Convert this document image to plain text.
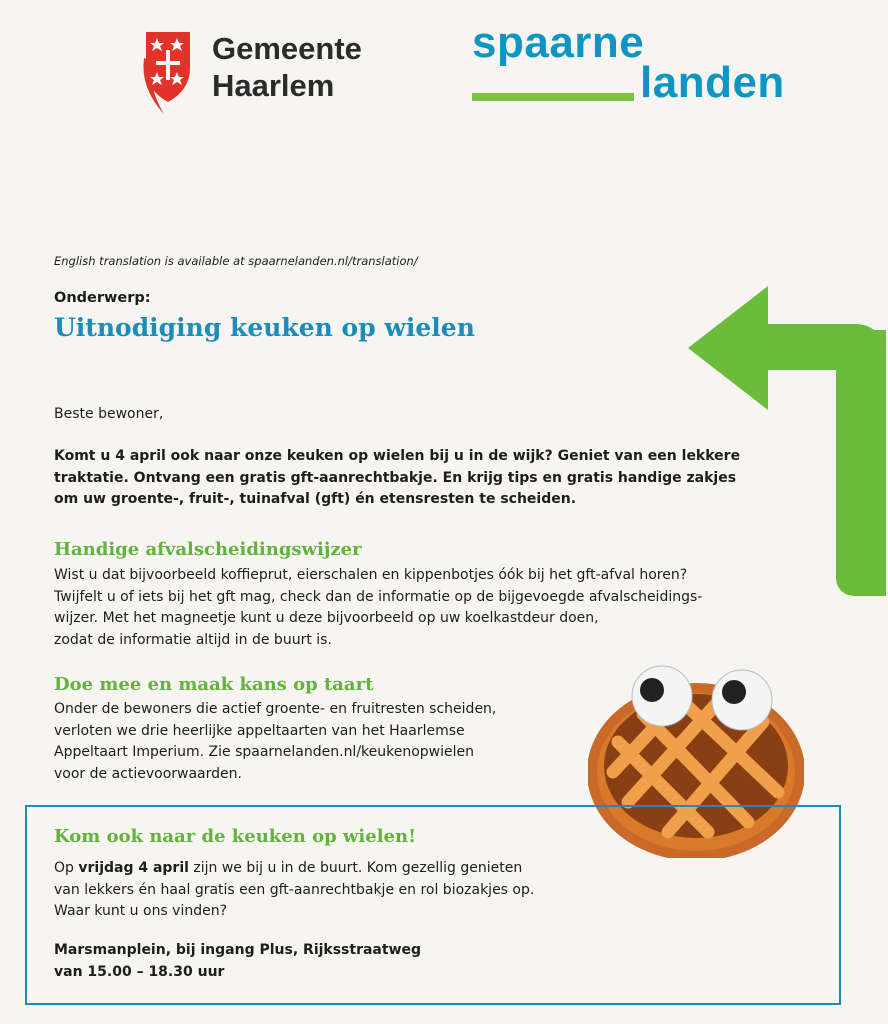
Gemeente
Haarlem
spaarne
landen
English translation is available at spaarnelanden.nl/translation/
Onderwerp:
Uitnodiging keuken op wielen
Beste bewoner,
Komt u 4 april ook naar onze keuken op wielen bij u in de wijk? Geniet van een lekkere
traktatie. Ontvang een gratis gft-aanrechtbakje. En krijg tips en gratis handige zakjes
om uw groente-, fruit-, tuinafval (gft) én etensresten te scheiden.
Handige afvalscheidingswijzer
Wist u dat bijvoorbeeld koffieprut, eierschalen en kippenbotjes óók bij het gft-afval horen?
Twijfelt u of iets bij het gft mag, check dan de informatie op de bijgevoegde afvalscheidings-
wijzer. Met het magneetje kunt u deze bijvoorbeeld op uw koelkastdeur doen,
zodat de informatie altijd in de buurt is.
Doe mee en maak kans op taart
Onder de bewoners die actief groente- en fruitresten scheiden,
verloten we drie heerlijke appeltaarten van het Haarlemse
Appeltaart Imperium. Zie spaarnelanden.nl/keukenopwielen
voor de actievoorwaarden.
Kom ook naar de keuken op wielen!
Op vrijdag 4 april zijn we bij u in de buurt. Kom gezellig genieten
van lekkers én haal gratis een gft-aanrechtbakje en rol biozakjes op.
Waar kunt u ons vinden?
Marsmanplein, bij ingang Plus, Rijksstraatweg
van 15.00 – 18.30 uur
